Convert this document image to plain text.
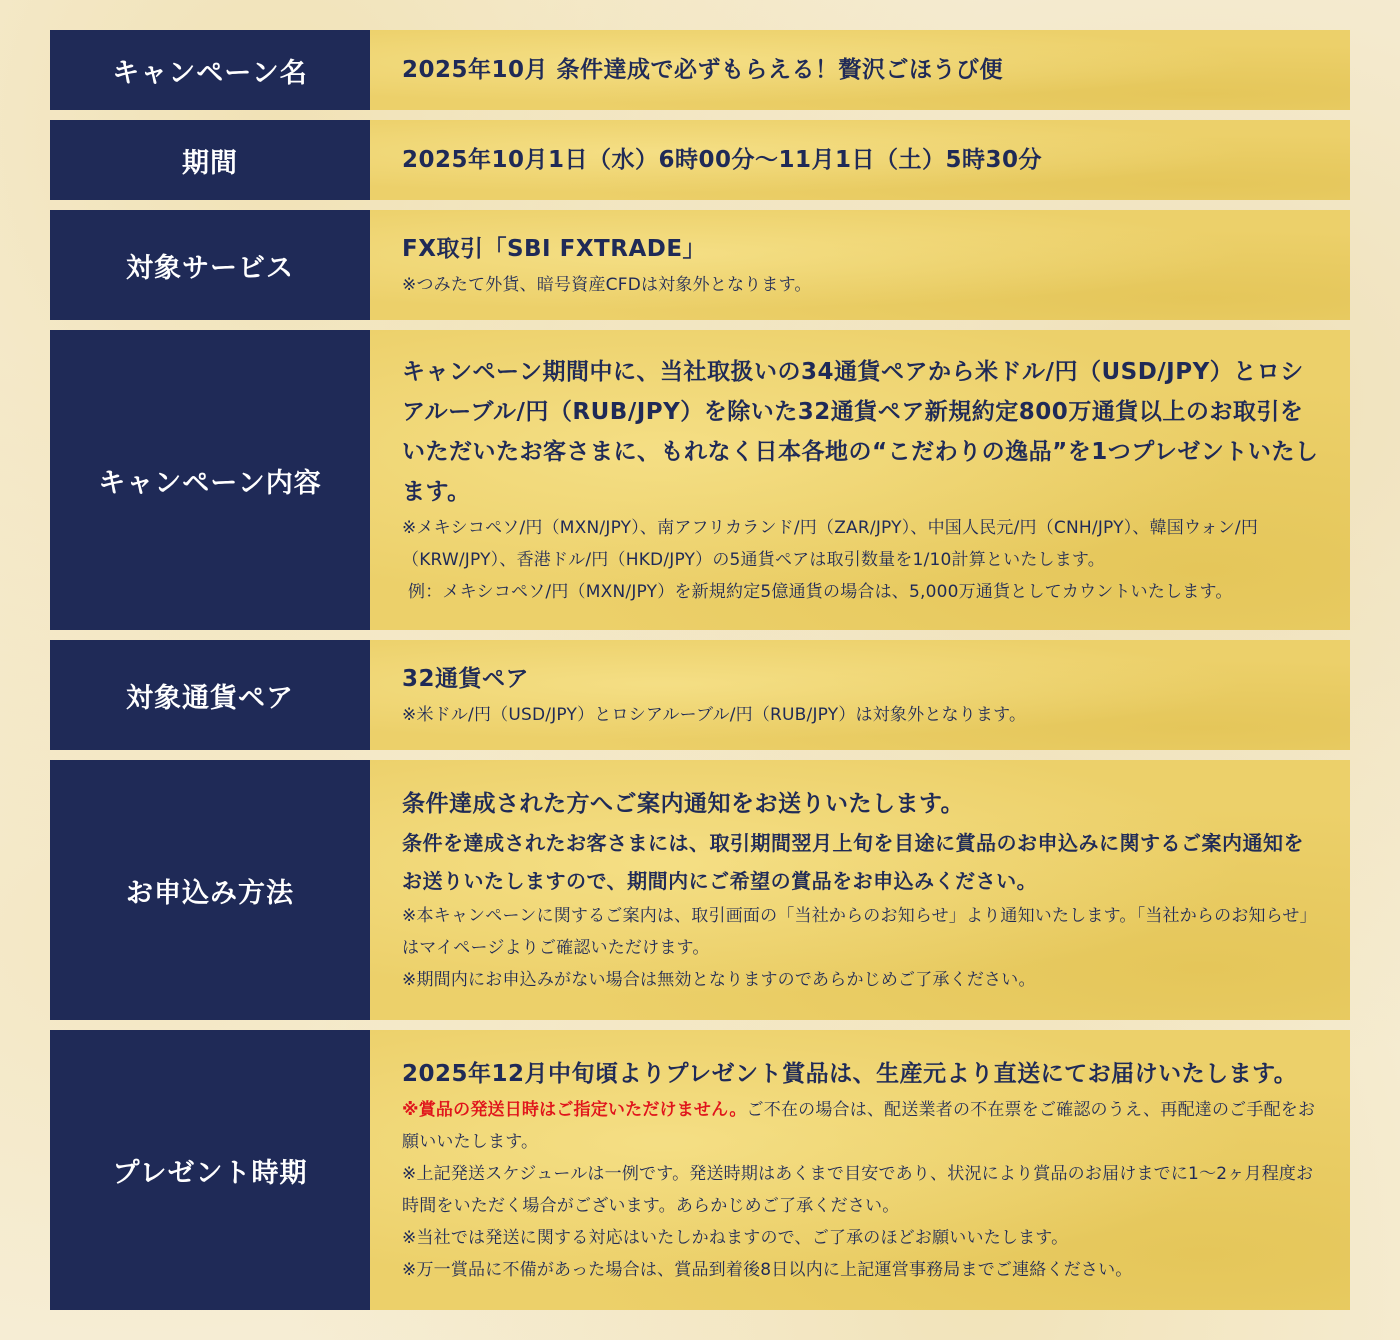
キャンペーン名	2025年10月 条件達成で必ずもらえる！贅沢ごほうび便
期間	2025年10月1日（水）6時00分～11月1日（土）5時30分
対象サービス
FX取引「SBI FXTRADE」
※つみたて外貨、暗号資産CFDは対象外となります。
キャンペーン内容
キャンペーン期間中に、当社取扱いの34通貨ペアから米ドル/円（USD/JPY）とロシアルーブル/円（RUB/JPY）を除いた32通貨ペア新規約定800万通貨以上のお取引をいただいたお客さまに、もれなく日本各地の“こだわりの逸品”を1つプレゼントいたします。
※メキシコペソ/円（MXN/JPY）、南アフリカランド/円（ZAR/JPY）、中国人民元/円（CNH/JPY）、韓国ウォン/円（KRW/JPY）、香港ドル/円（HKD/JPY）の5通貨ペアは取引数量を1/10計算といたします。
例：メキシコペソ/円（MXN/JPY）を新規約定5億通貨の場合は、5,000万通貨としてカウントいたします。
対象通貨ペア
32通貨ペア
※米ドル/円（USD/JPY）とロシアルーブル/円（RUB/JPY）は対象外となります。
お申込み方法
条件達成された方へご案内通知をお送りいたします。
条件を達成されたお客さまには、取引期間翌月上旬を目途に賞品のお申込みに関するご案内通知をお送りいたしますので、期間内にご希望の賞品をお申込みください。
※本キャンペーンに関するご案内は、取引画面の「当社からのお知らせ」より通知いたします。「当社からのお知らせ」はマイページよりご確認いただけます。
※期間内にお申込みがない場合は無効となりますのであらかじめご了承ください。
プレゼント時期
2025年12月中旬頃よりプレゼント賞品は、生産元より直送にてお届けいたします。
※賞品の発送日時はご指定いただけません。ご不在の場合は、配送業者の不在票をご確認のうえ、再配達のご手配をお願いいたします。
※上記発送スケジュールは一例です。発送時期はあくまで目安であり、状況により賞品のお届けまでに1～2ヶ月程度お時間をいただく場合がございます。あらかじめご了承ください。
※当社では発送に関する対応はいたしかねますので、ご了承のほどお願いいたします。
※万一賞品に不備があった場合は、賞品到着後8日以内に上記運営事務局までご連絡ください。
